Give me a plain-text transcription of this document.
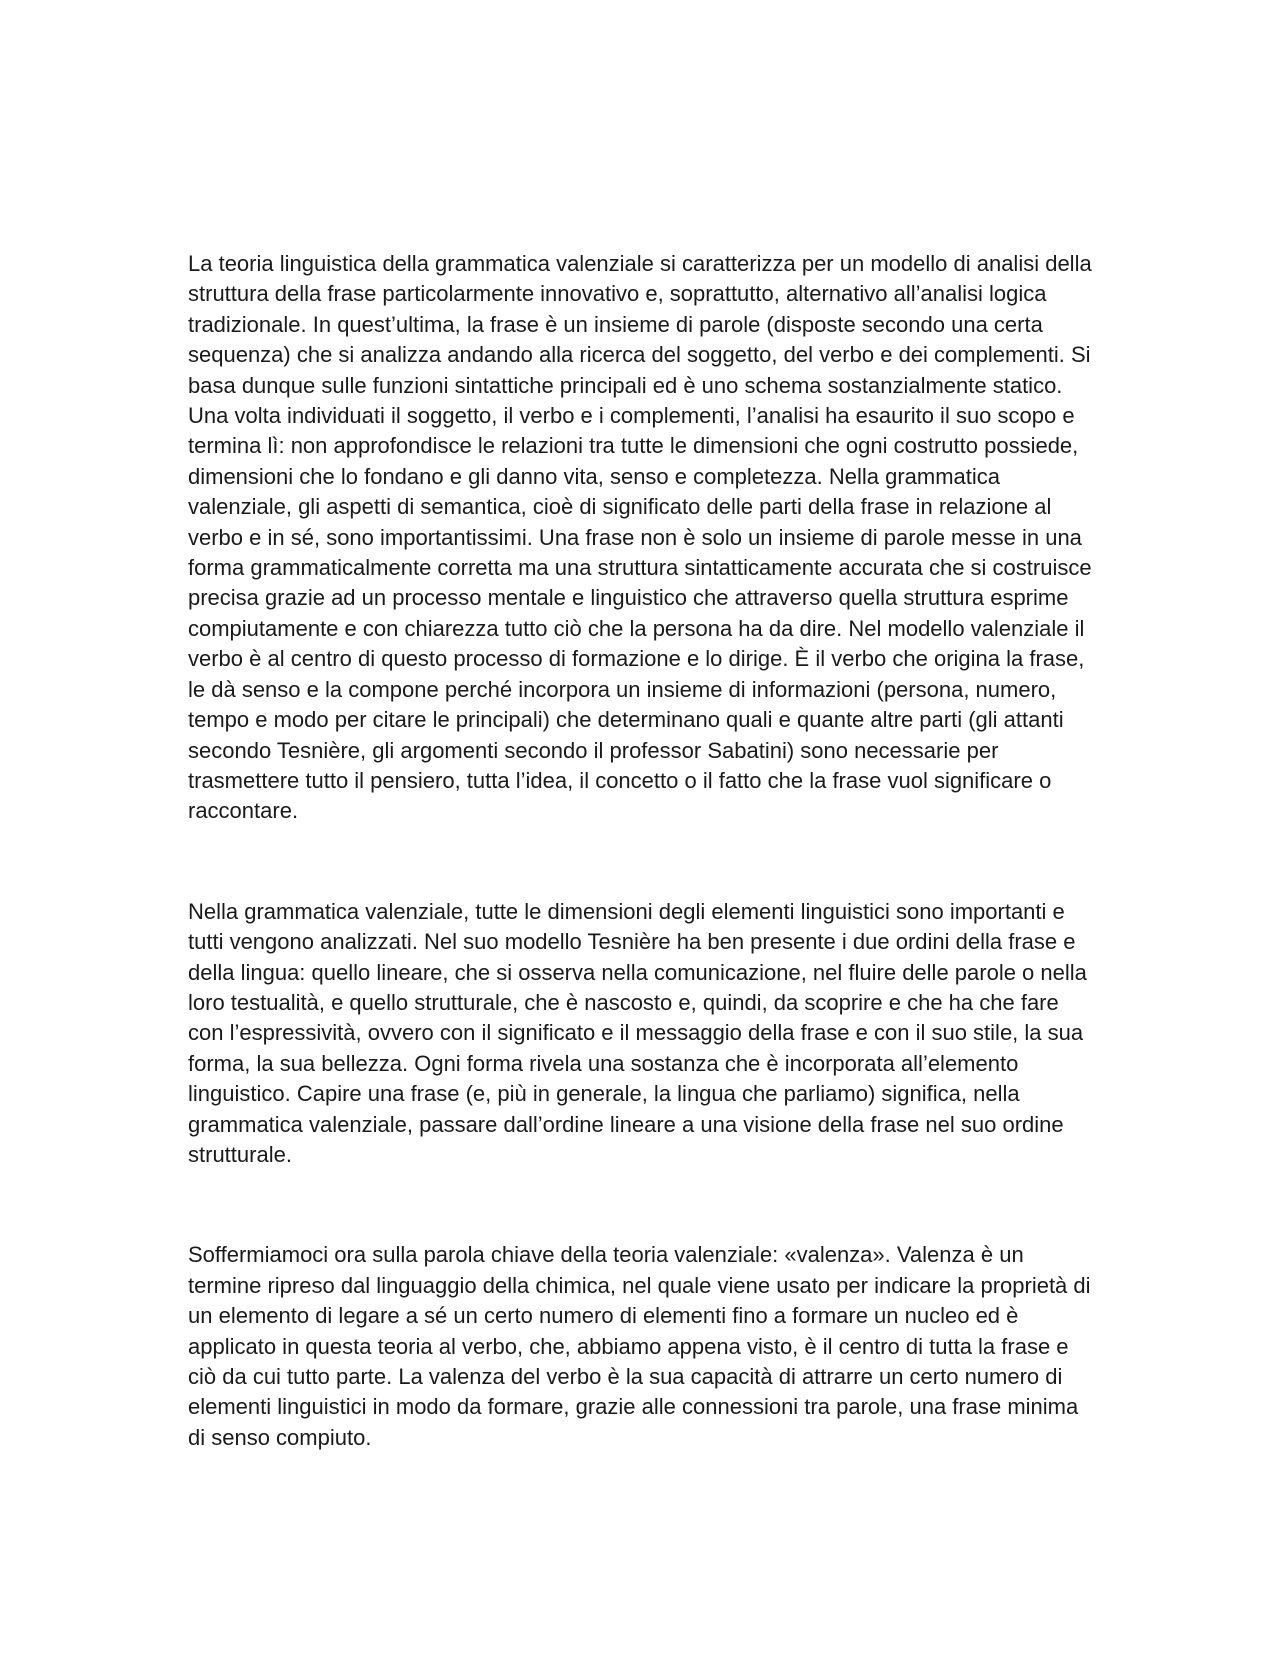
La teoria linguistica della grammatica valenziale si caratterizza per un modello di analisi della struttura della frase particolarmente innovativo e, soprattutto, alternativo all’analisi logica tradizionale. In quest’ultima, la frase è un insieme di parole (disposte secondo una certa sequenza) che si analizza andando alla ricerca del soggetto, del verbo e dei complementi. Si basa dunque sulle funzioni sintattiche principali ed è uno schema sostanzialmente statico. Una volta individuati il soggetto, il verbo e i complementi, l’analisi ha esaurito il suo scopo e termina lì: non approfondisce le relazioni tra tutte le dimensioni che ogni costrutto possiede, dimensioni che lo fondano e gli danno vita, senso e completezza. Nella grammatica valenziale, gli aspetti di semantica, cioè di significato delle parti della frase in relazione al verbo e in sé, sono importantissimi. Una frase non è solo un insieme di parole messe in una forma grammaticalmente corretta ma una struttura sintatticamente accurata che si costruisce precisa grazie ad un processo mentale e linguistico che attraverso quella struttura esprime compiutamente e con chiarezza tutto ciò che la persona ha da dire. Nel modello valenziale il verbo è al centro di questo processo di formazione e lo dirige. È il verbo che origina la frase, le dà senso e la compone perché incorpora un insieme di informazioni (persona, numero, tempo e modo per citare le principali) che determinano quali e quante altre parti (gli attanti secondo Tesnière, gli argomenti secondo il professor Sabatini) sono necessarie per trasmettere tutto il pensiero, tutta l’idea, il concetto o il fatto che la frase vuol significare o raccontare.

Nella grammatica valenziale, tutte le dimensioni degli elementi linguistici sono importanti e tutti vengono analizzati. Nel suo modello Tesnière ha ben presente i due ordini della frase e della lingua: quello lineare, che si osserva nella comunicazione, nel fluire delle parole o nella loro testualità, e quello strutturale, che è nascosto e, quindi, da scoprire e che ha che fare con l’espressività, ovvero con il significato e il messaggio della frase e con il suo stile, la sua forma, la sua bellezza. Ogni forma rivela una sostanza che è incorporata all’elemento linguistico. Capire una frase (e, più in generale, la lingua che parliamo) significa, nella grammatica valenziale, passare dall’ordine lineare a una visione della frase nel suo ordine strutturale.

Soffermiamoci ora sulla parola chiave della teoria valenziale: «valenza». Valenza è un termine ripreso dal linguaggio della chimica, nel quale viene usato per indicare la proprietà di un elemento di legare a sé un certo numero di elementi fino a formare un nucleo ed è applicato in questa teoria al verbo, che, abbiamo appena visto, è il centro di tutta la frase e ciò da cui tutto parte. La valenza del verbo è la sua capacità di attrarre un certo numero di elementi linguistici in modo da formare, grazie alle connessioni tra parole, una frase minima di senso compiuto.
